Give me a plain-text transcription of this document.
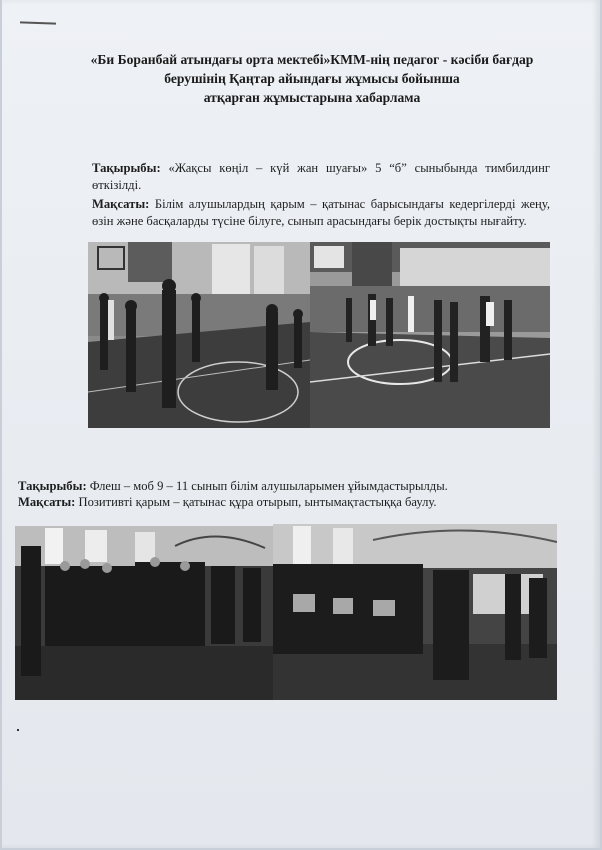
«Би Боранбай атындағы орта мектебі»КММ-нің педагог - кәсіби бағдар
берушінің Қаңтар айындағы жұмысы бойынша
атқарған жұмыстарына хабарлама
Тақырыбы: «Жақсы көңіл – күй жан шуағы» 5 “б” сыныбында тимбилдинг өткізілді.
Мақсаты: Білім алушылардың қарым – қатынас барысындағы кедергілерді жеңу, өзін және басқаларды түсіне білуге, сынып арасындағы берік достықты нығайту.
Тақырыбы: Флеш – моб 9 – 11 сынып білім алушыларымен ұйымдастырылды.
Мақсаты: Позитивті қарым – қатынас құра отырып, ынтымақтастыққа баулу.
